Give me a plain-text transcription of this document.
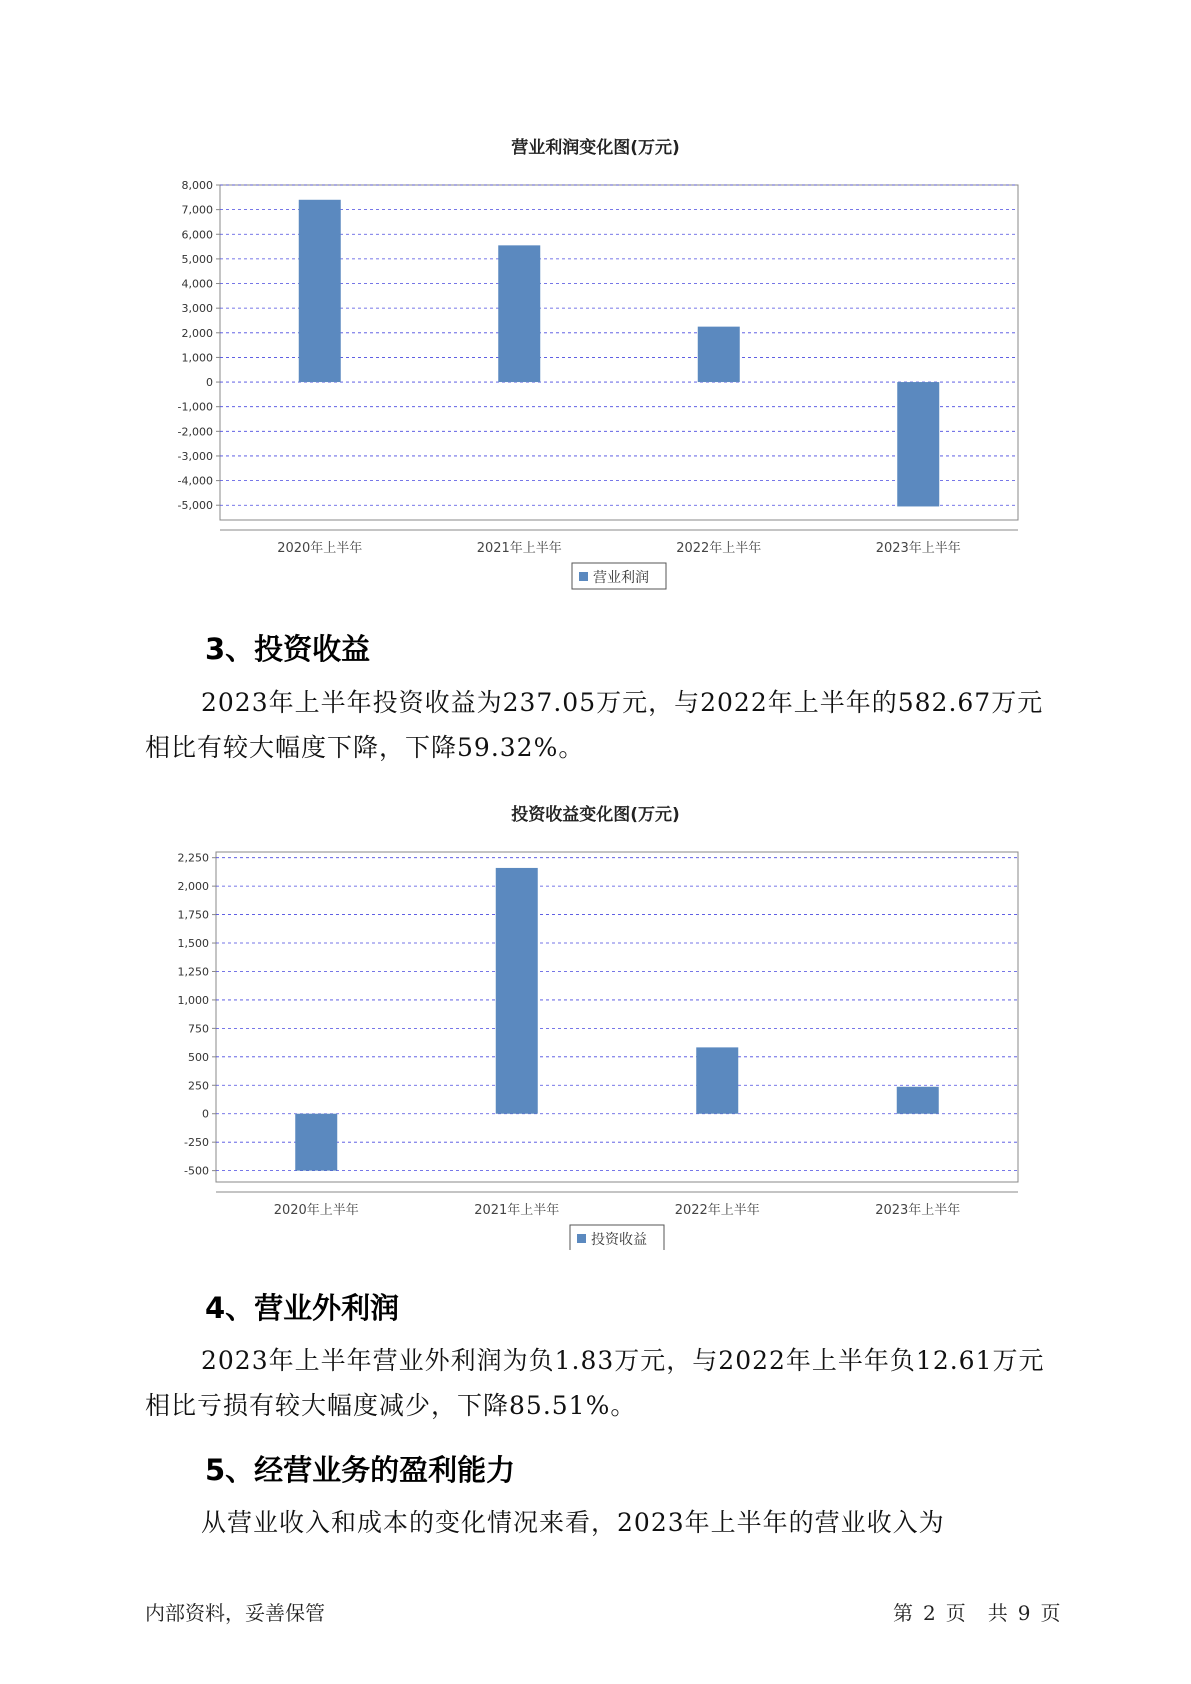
营业利润变化图(万元)
8,000
7,000
6,000
5,000
4,000
3,000
2,000
1,000
0
-1,000
-2,000
-3,000
-4,000
-5,000
2020年上半年	2021年上半年	2022年上半年	2023年上半年
营业利润
3、投资收益

2023年上半年投资收益为237.05万元，与2022年上半年的582.67万元
相比有较大幅度下降，下降59.32%。

投资收益变化图(万元)
2,250
2,000
1,750
1,500
1,250
1,000
750
500
250
0
-250
-500
2020年上半年	2021年上半年	2022年上半年	2023年上半年
投资收益
4、营业外利润

2023年上半年营业外利润为负1.83万元，与2022年上半年负12.61万元
相比亏损有较大幅度减少，下降85.51%。

5、经营业务的盈利能力

从营业收入和成本的变化情况来看，2023年上半年的营业收入为

内部资料，妥善保管	第 2 页 共 9 页
